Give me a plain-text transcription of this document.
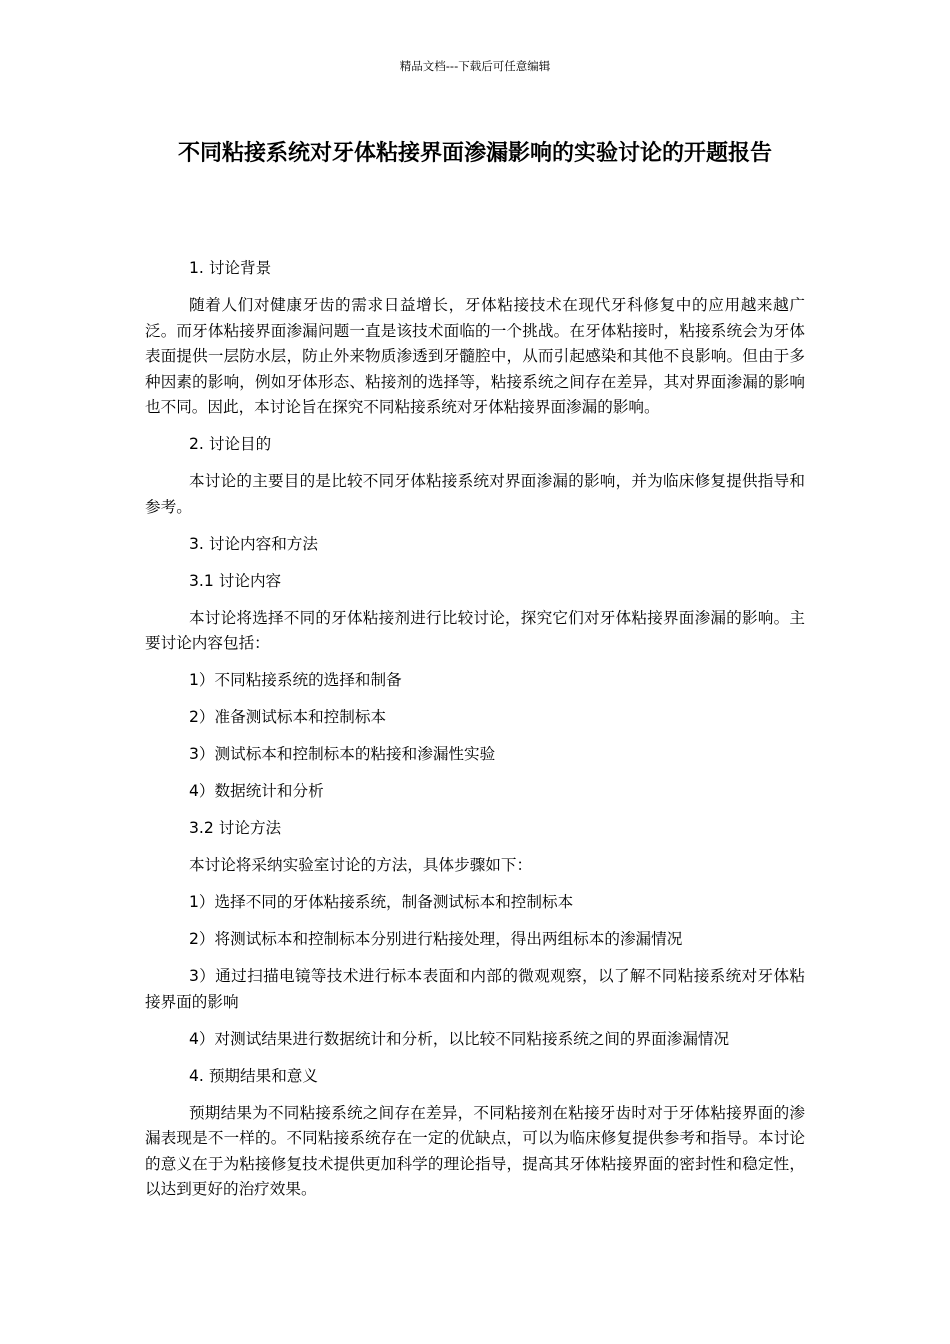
精品文档---下载后可任意编辑
不同粘接系统对牙体粘接界面渗漏影响的实验讨论的开题报告

1. 讨论背景

随着人们对健康牙齿的需求日益增长，牙体粘接技术在现代牙科修复中的应用越来越广泛。而牙体粘接界面渗漏问题一直是该技术面临的一个挑战。在牙体粘接时，粘接系统会为牙体表面提供一层防水层，防止外来物质渗透到牙髓腔中，从而引起感染和其他不良影响。但由于多种因素的影响，例如牙体形态、粘接剂的选择等，粘接系统之间存在差异，其对界面渗漏的影响也不同。因此，本讨论旨在探究不同粘接系统对牙体粘接界面渗漏的影响。

2. 讨论目的

本讨论的主要目的是比较不同牙体粘接系统对界面渗漏的影响，并为临床修复提供指导和参考。

3. 讨论内容和方法

3.1 讨论内容

本讨论将选择不同的牙体粘接剂进行比较讨论，探究它们对牙体粘接界面渗漏的影响。主要讨论内容包括：

1）不同粘接系统的选择和制备

2）准备测试标本和控制标本

3）测试标本和控制标本的粘接和渗漏性实验

4）数据统计和分析

3.2 讨论方法

本讨论将采纳实验室讨论的方法，具体步骤如下：

1）选择不同的牙体粘接系统，制备测试标本和控制标本

2）将测试标本和控制标本分别进行粘接处理，得出两组标本的渗漏情况

3）通过扫描电镜等技术进行标本表面和内部的微观观察，以了解不同粘接系统对牙体粘接界面的影响

4）对测试结果进行数据统计和分析，以比较不同粘接系统之间的界面渗漏情况

4. 预期结果和意义

预期结果为不同粘接系统之间存在差异，不同粘接剂在粘接牙齿时对于牙体粘接界面的渗漏表现是不一样的。不同粘接系统存在一定的优缺点，可以为临床修复提供参考和指导。本讨论的意义在于为粘接修复技术提供更加科学的理论指导，提高其牙体粘接界面的密封性和稳定性，以达到更好的治疗效果。
